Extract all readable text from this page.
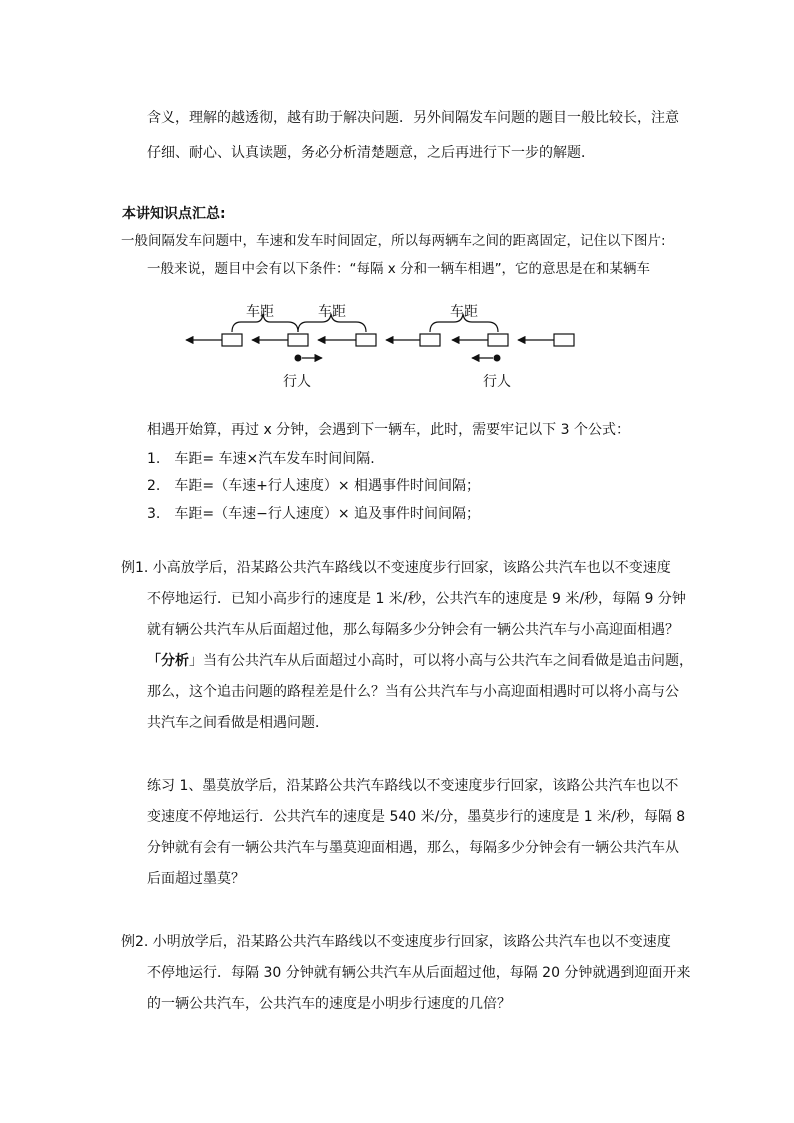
含义，理解的越透彻，越有助于解决问题．另外间隔发车问题的题目一般比较长，注意
仔细、耐心、认真读题，务必分析清楚题意，之后再进行下一步的解题．
本讲知识点汇总:
一般间隔发车问题中，车速和发车时间固定，所以每两辆车之间的距离固定，记住以下图片:
一般来说，题目中会有以下条件：“每隔 x 分和一辆车相遇”，它的意思是在和某辆车
车距	车距
行人
车距
行人
相遇开始算，再过 x 分钟，会遇到下一辆车，此时，需要牢记以下 3 个公式：
1. 车距= 车速×汽车发车时间间隔.
2. 车距=（车速+行人速度）× 相遇事件时间间隔；
3. 车距=（车速−行人速度）× 追及事件时间间隔；
例1. 小高放学后，沿某路公共汽车路线以不变速度步行回家，该路公共汽车也以不变速度
不停地运行．已知小高步行的速度是 1 米/秒，公共汽车的速度是 9 米/秒，每隔 9 分钟
就有辆公共汽车从后面超过他，那么每隔多少分钟会有一辆公共汽车与小高迎面相遇？
「分析」当有公共汽车从后面超过小高时，可以将小高与公共汽车之间看做是追击问题，
那么，这个追击问题的路程差是什么？当有公共汽车与小高迎面相遇时可以将小高与公
共汽车之间看做是相遇问题．
练习 1、墨莫放学后，沿某路公共汽车路线以不变速度步行回家，该路公共汽车也以不
变速度不停地运行．公共汽车的速度是 540 米/分，墨莫步行的速度是 1 米/秒，每隔 8
分钟就有会有一辆公共汽车与墨莫迎面相遇，那么，每隔多少分钟会有一辆公共汽车从
后面超过墨莫？
例2. 小明放学后，沿某路公共汽车路线以不变速度步行回家，该路公共汽车也以不变速度
不停地运行．每隔 30 分钟就有辆公共汽车从后面超过他，每隔 20 分钟就遇到迎面开来
的一辆公共汽车，公共汽车的速度是小明步行速度的几倍？
